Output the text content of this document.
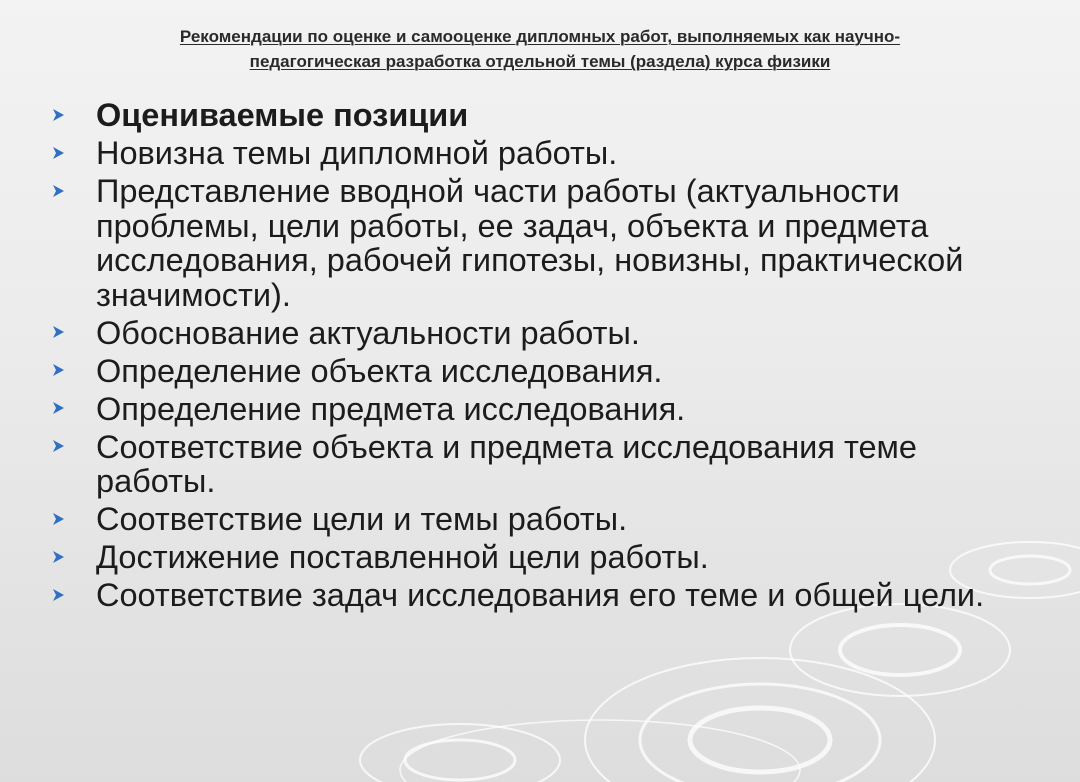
Рекомендации по оценке и самооценке дипломных работ, выполняемых как научно-
педагогическая разработка отдельной темы (раздела) курса физики
Оцениваемые позиции
Новизна темы дипломной работы.
Представление вводной части работы (актуальности проблемы, цели работы, ее задач, объекта и предмета исследования, рабочей гипотезы, новизны, практической значимости).
Обоснование актуальности работы.
Определение объекта исследования.
Определение предмета исследования.
Соответствие объекта и предмета исследования теме работы.
Соответствие цели и темы работы.
Достижение поставленной цели работы.
Соответствие задач исследования его теме и общей цели.
